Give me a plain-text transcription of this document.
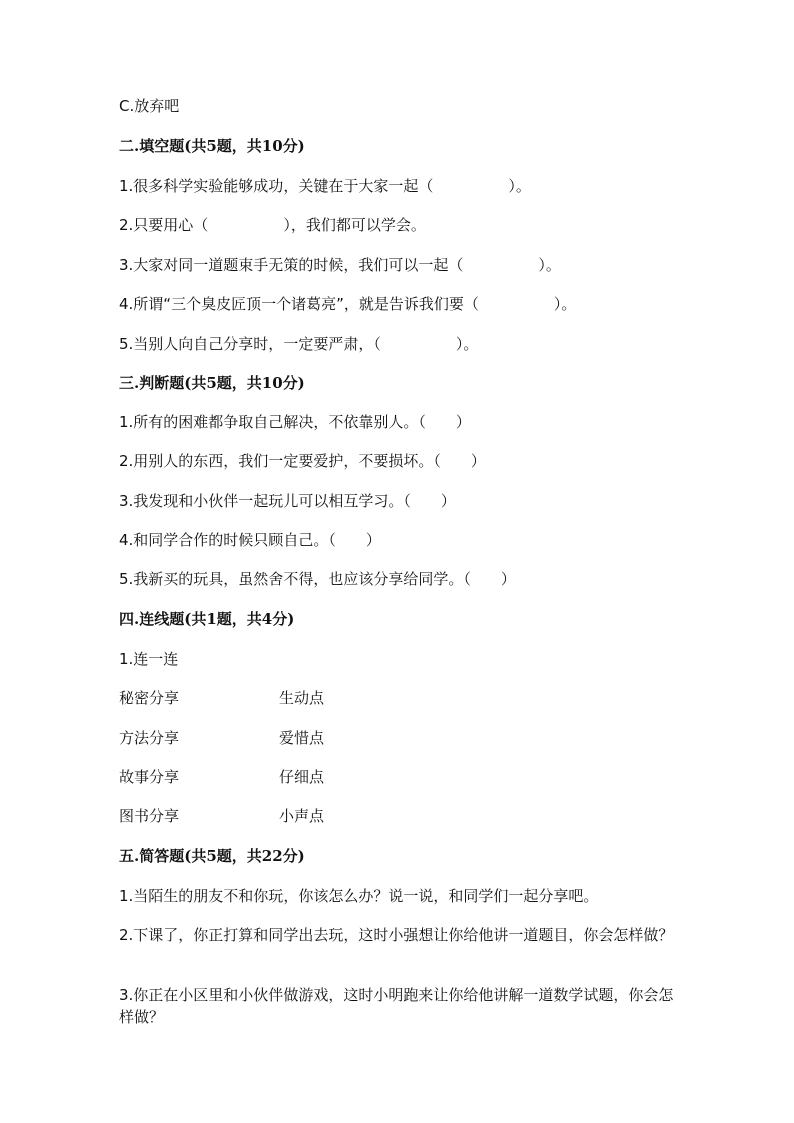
C.放弃吧
二.填空题(共5题，共10分)
1.很多科学实验能够成功，关键在于大家一起（　　　　　）。
2.只要用心（　　　　　），我们都可以学会。
3.大家对同一道题束手无策的时候，我们可以一起（　　　　　）。
4.所谓“三个臭皮匠顶一个诸葛亮”，就是告诉我们要（　　　　　）。
5.当别人向自己分享时，一定要严肃，（　　　　　）。
三.判断题(共5题，共10分)
1.所有的困难都争取自己解决，不依靠别人。（　　）
2.用别人的东西，我们一定要爱护，不要损坏。（　　）
3.我发现和小伙伴一起玩儿可以相互学习。（　　）
4.和同学合作的时候只顾自己。（　　）
5.我新买的玩具，虽然舍不得，也应该分享给同学。（　　）
四.连线题(共1题，共4分)
1.连一连
秘密分享	生动点
方法分享	爱惜点
故事分享	仔细点
图书分享	小声点
五.简答题(共5题，共22分)
1.当陌生的朋友不和你玩，你该怎么办？说一说，和同学们一起分享吧。
2.下课了，你正打算和同学出去玩，这时小强想让你给他讲一道题目，你会怎样做？
3.你正在小区里和小伙伴做游戏，这时小明跑来让你给他讲解一道数学试题，你会怎样做？
